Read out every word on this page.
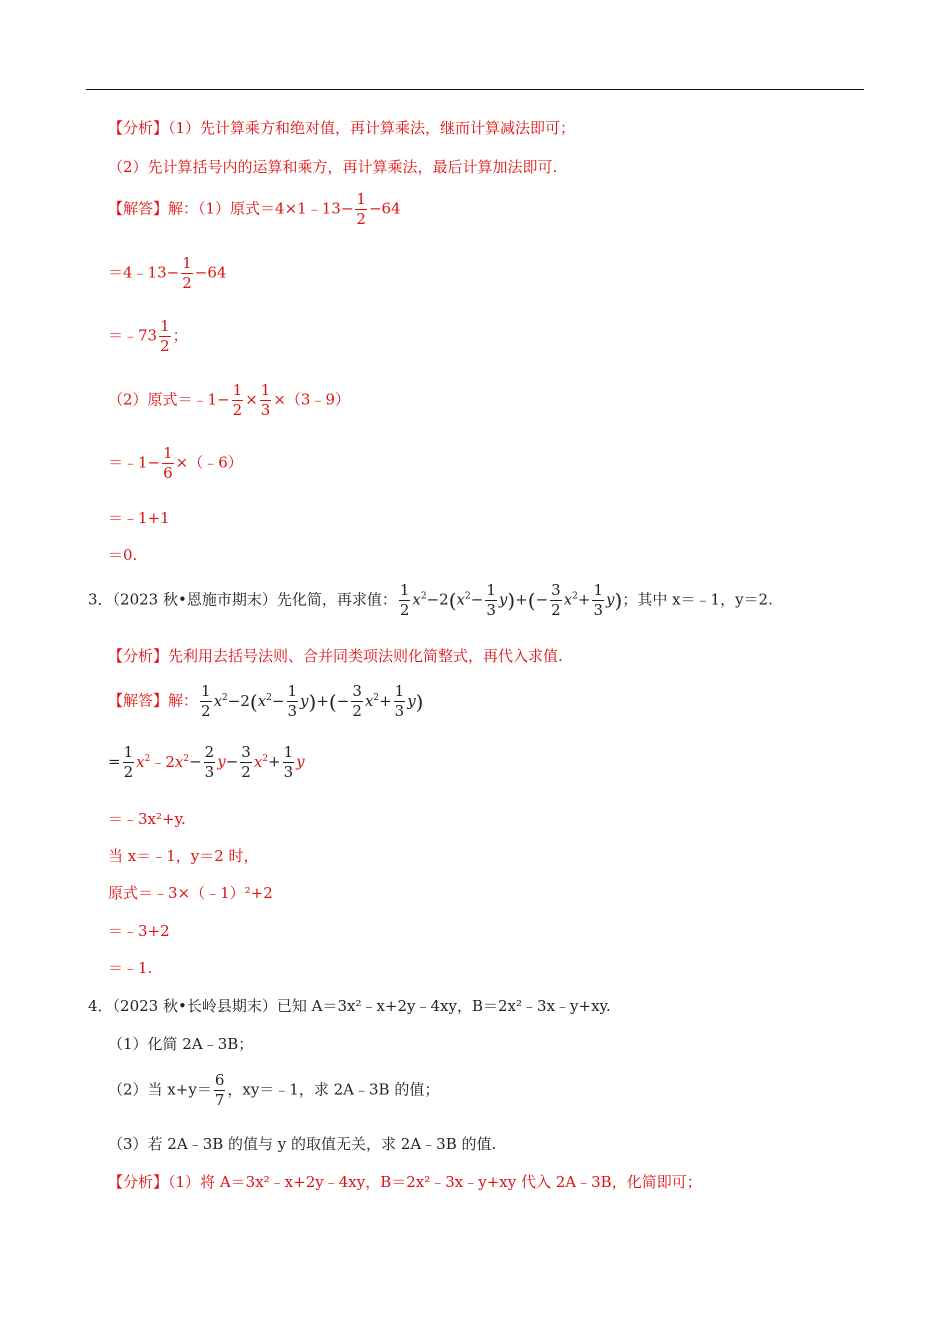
【分析】（1）先计算乘方和绝对值，再计算乘法，继而计算减法即可；
（2）先计算括号内的运算和乘方，再计算乘法，最后计算加法即可.
【解答】解：（1）原式＝4×1﹣13− $\frac{1}{2} -64$
＝4﹣13− $\frac{1}{2} -64$
＝﹣73 $\frac{1}{2}$ ；
（2）原式＝﹣1− $\frac{1}{2} \times \frac{1}{3}$ ×（3﹣9）
＝﹣1− $\frac{1}{6}$ ×（﹣6）
＝﹣1+1
＝0.
3．（2023 秋•恩施市期末）先化简，再求值： $\frac{1}{2} x^2-2(x^2- \frac{1}{3} y)+(- \frac{3}{2} x^2+ \frac{1}{3} y)$；其中 x＝﹣1，y＝2.
【分析】先利用去括号法则、合并同类项法则化简整式，再代入求值.
【解答】解： $\frac{1}{2} x^2-2(x^2- \frac{1}{3} y)+(- \frac{3}{2} x^2+ \frac{1}{3} y)$
= $\frac{1}{2}$ $x^2﹣2x^2- \frac{2}{3} y- \frac{3}{2} x^2+ \frac{1}{3}$ y
＝﹣3x²+y.
当 x＝﹣1，y＝2 时，
原式＝﹣3×（﹣1）²+2
＝﹣3+2
＝﹣1.
4．（2023 秋•长岭县期末）已知 A＝3x²﹣x+2y﹣4xy，B＝2x²﹣3x﹣y+xy.
（1）化简 2A﹣3B；
（2）当 $x+y= \frac{6}{7}$ ，xy＝﹣1，求 2A﹣3B 的值；
（3）若 2A﹣3B 的值与 y 的取值无关，求 2A﹣3B 的值.
【分析】（1）将 A＝3x²﹣x+2y﹣4xy，B＝2x²﹣3x﹣y+xy 代入 2A﹣3B，化简即可；
